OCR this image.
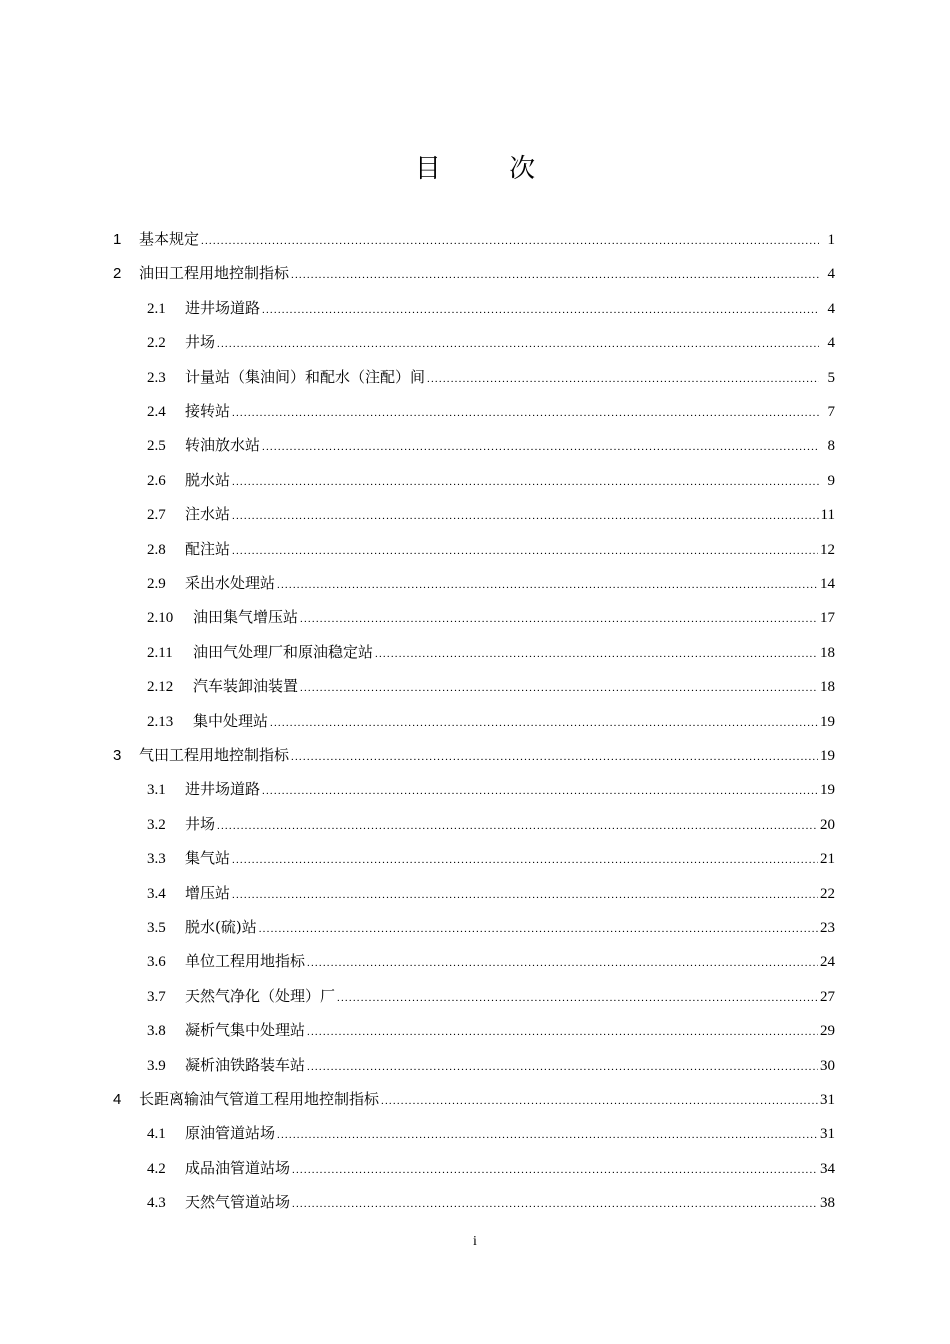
目 次
1	基本规定 .....	1
2	油田工程用地控制指标 .....	4
2.1	进井场道路 .....	4
2.2	井场 .....	4
2.3	计量站（集油间）和配水（注配）间 .....	5
2.4	接转站 .....	7
2.5	转油放水站 .....	8
2.6	脱水站 .....	9
2.7	注水站 .....	11
2.8	配注站 .....	12
2.9	采出水处理站 .....	14
2.10	油田集气增压站 .....	17
2.11	油田气处理厂和原油稳定站 .....	18
2.12	汽车装卸油装置 .....	18
2.13	集中处理站 .....	19
3	气田工程用地控制指标 .....	19
3.1	进井场道路 .....	19
3.2	井场 .....	20
3.3	集气站 .....	21
3.4	增压站 .....	22
3.5	脱水(硫)站 .....	23
3.6	单位工程用地指标 .....	24
3.7	天然气净化（处理）厂 .....	27
3.8	凝析气集中处理站 .....	29
3.9	凝析油铁路装车站 .....	30
4	长距离输油气管道工程用地控制指标 .....	31
4.1	原油管道站场 .....	31
4.2	成品油管道站场 .....	34
4.3	天然气管道站场 .....	38
i
